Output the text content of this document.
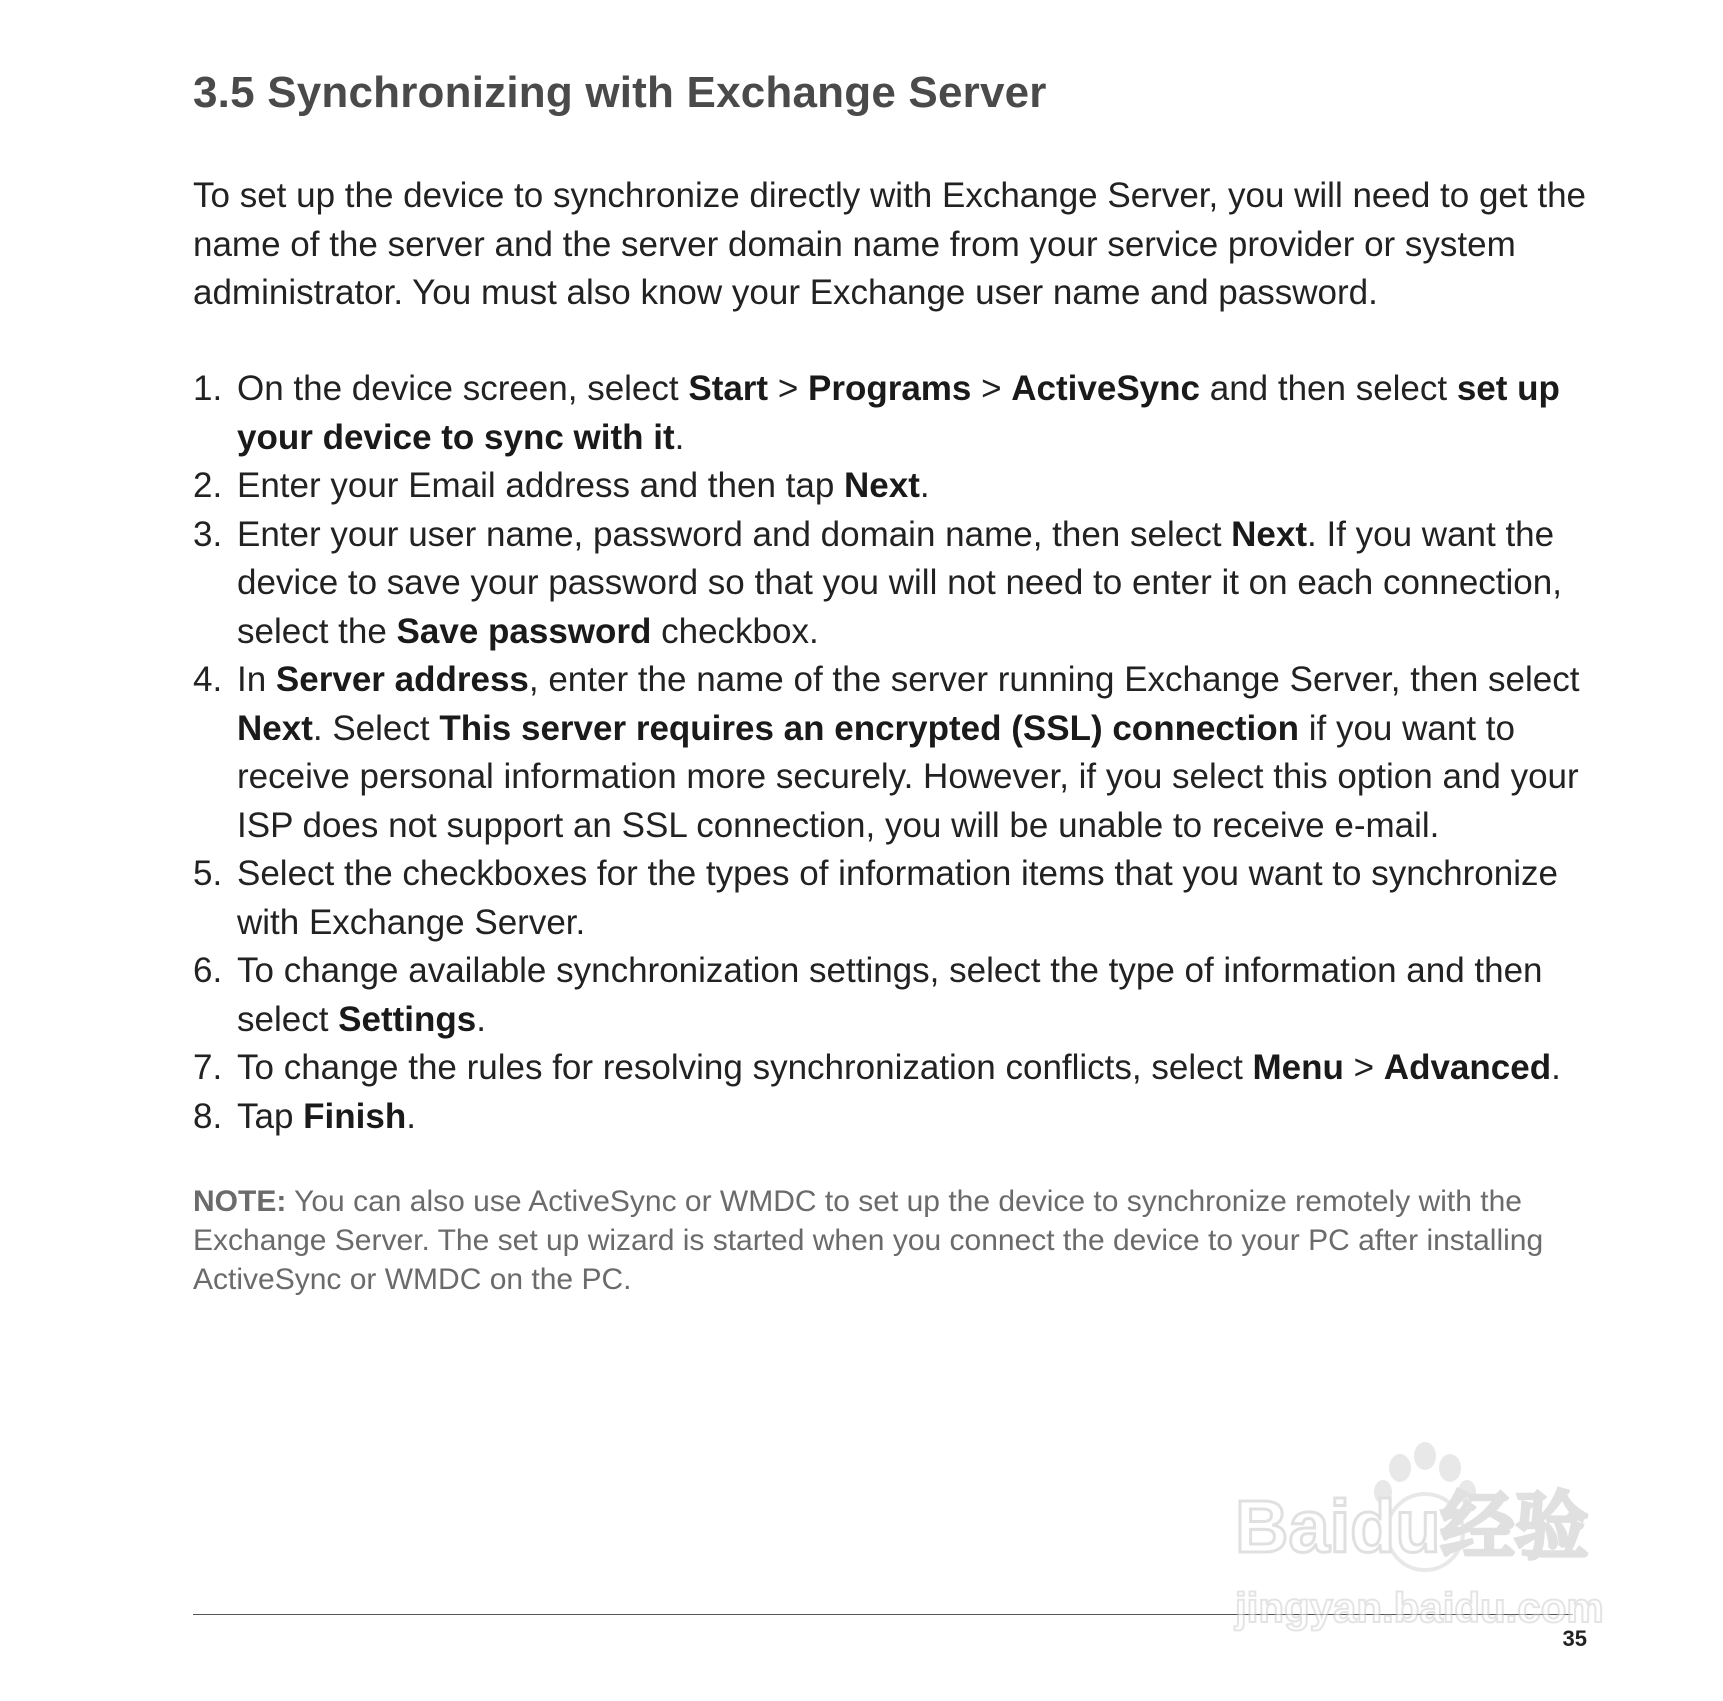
3.5 Synchronizing with Exchange Server

To set up the device to synchronize directly with Exchange Server, you will need to get the name of the server and the server domain name from your service provider or system administrator. You must also know your Exchange user name and password.

1. On the device screen, select Start > Programs > ActiveSync and then select set up your device to sync with it.
2. Enter your Email address and then tap Next.
3. Enter your user name, password and domain name, then select Next. If you want the device to save your password so that you will not need to enter it on each connection, select the Save password checkbox.
4. In Server address, enter the name of the server running Exchange Server, then select Next. Select This server requires an encrypted (SSL) connection if you want to receive personal information more securely. However, if you select this option and your ISP does not support an SSL connection, you will be unable to receive e-mail.
5. Select the checkboxes for the types of information items that you want to synchronize with Exchange Server.
6. To change available synchronization settings, select the type of information and then select Settings.
7. To change the rules for resolving synchronization conflicts, select Menu > Advanced.
8. Tap Finish.

NOTE: You can also use ActiveSync or WMDC to set up the device to synchronize remotely with the Exchange Server. The set up wizard is started when you connect the device to your PC after installing ActiveSync or WMDC on the PC.

35
Baidu经验
jingyan.baidu.com
